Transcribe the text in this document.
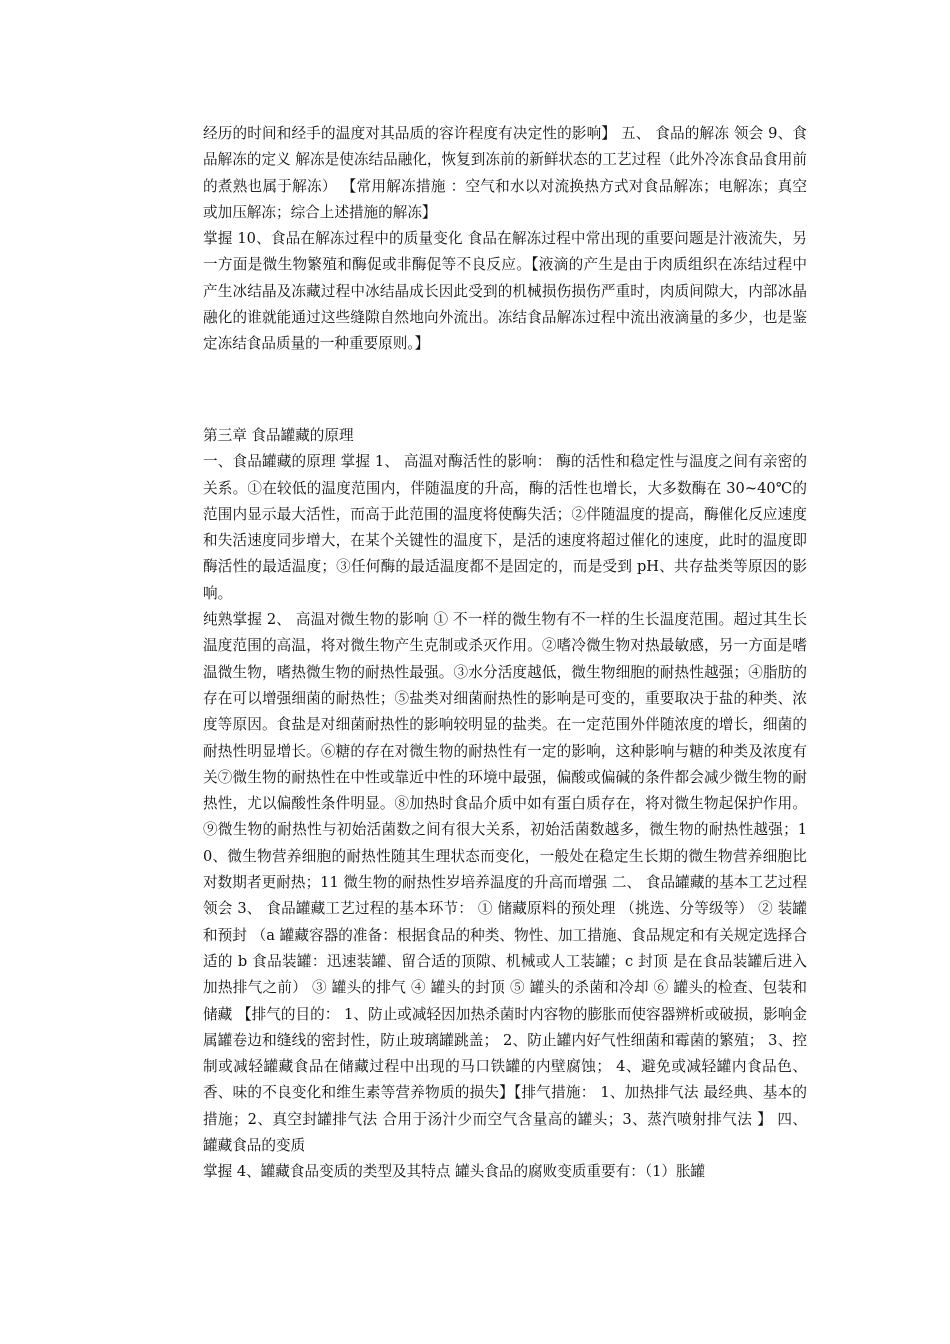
经历的时间和经手的温度对其品质的容许程度有决定性的影响】 五、 食品的解冻 领会 9、食品解冻的定义 解冻是使冻结品融化，恢复到冻前的新鲜状态的工艺过程（此外冷冻食品食用前的煮熟也属于解冻） 【常用解冻措施 ：空气和水以对流换热方式对食品解冻；电解冻；真空或加压解冻；综合上述措施的解冻】

掌握 10、食品在解冻过程中的质量变化 食品在解冻过程中常出现的重要问题是汁液流失，另一方面是微生物繁殖和酶促或非酶促等不良反应。【液滴的产生是由于肉质组织在冻结过程中产生冰结晶及冻藏过程中冰结晶成长因此受到的机械损伤损伤严重时，肉质间隙大，内部冰晶融化的谁就能通过这些缝隙自然地向外流出。冻结食品解冻过程中流出液滴量的多少，也是鉴定冻结食品质量的一种重要原则。】

第三章 食品罐藏的原理

一、食品罐藏的原理 掌握 1、 高温对酶活性的影响： 酶的活性和稳定性与温度之间有亲密的关系。①在较低的温度范围内，伴随温度的升高，酶的活性也增长，大多数酶在 30~40℃的范围内显示最大活性，而高于此范围的温度将使酶失活；②伴随温度的提高，酶催化反应速度和失活速度同步增大，在某个关键性的温度下，是活的速度将超过催化的速度，此时的温度即酶活性的最适温度；③任何酶的最适温度都不是固定的，而是受到 pH、共存盐类等原因的影响。

纯熟掌握 2、 高温对微生物的影响 ① 不一样的微生物有不一样的生长温度范围。超过其生长温度范围的高温，将对微生物产生克制或杀灭作用。②嗜冷微生物对热最敏感，另一方面是嗜温微生物，嗜热微生物的耐热性最强。③水分活度越低，微生物细胞的耐热性越强；④脂肪的存在可以增强细菌的耐热性；⑤盐类对细菌耐热性的影响是可变的，重要取决于盐的种类、浓度等原因。食盐是对细菌耐热性的影响较明显的盐类。在一定范围外伴随浓度的增长，细菌的耐热性明显增长。⑥糖的存在对微生物的耐热性有一定的影响，这种影响与糖的种类及浓度有关⑦微生物的耐热性在中性或靠近中性的环境中最强，偏酸或偏碱的条件都会减少微生物的耐热性，尤以偏酸性条件明显。⑧加热时食品介质中如有蛋白质存在，将对微生物起保护作用。⑨微生物的耐热性与初始活菌数之间有很大关系，初始活菌数越多，微生物的耐热性越强；10、微生物营养细胞的耐热性随其生理状态而变化，一般处在稳定生长期的微生物营养细胞比对数期者更耐热；11 微生物的耐热性岁培养温度的升高而增强 二、 食品罐藏的基本工艺过程 领会 3、 食品罐藏工艺过程的基本环节： ① 储藏原料的预处理 （挑选、分等级等） ② 装罐和预封 （a 罐藏容器的准备：根据食品的种类、物性、加工措施、食品规定和有关规定选择合适的 b 食品装罐：迅速装罐、留合适的顶隙、机械或人工装罐；c 封顶 是在食品装罐后进入加热排气之前） ③ 罐头的排气 ④ 罐头的封顶 ⑤ 罐头的杀菌和冷却 ⑥ 罐头的检查、包装和储藏 【排气的目的： 1、防止或减轻因加热杀菌时内容物的膨胀而使容器辨析或破损，影响金属罐卷边和缝线的密封性，防止玻璃罐跳盖； 2、防止罐内好气性细菌和霉菌的繁殖； 3、控制或减轻罐藏食品在储藏过程中出现的马口铁罐的内壁腐蚀； 4、避免或减轻罐内食品色、香、味的不良变化和维生素等营养物质的损失】【排气措施： 1、加热排气法 最经典、基本的措施；2、真空封罐排气法 合用于汤汁少而空气含量高的罐头；3、蒸汽喷射排气法 】 四、 罐藏食品的变质

掌握 4、罐藏食品变质的类型及其特点 罐头食品的腐败变质重要有：（1）胀罐
